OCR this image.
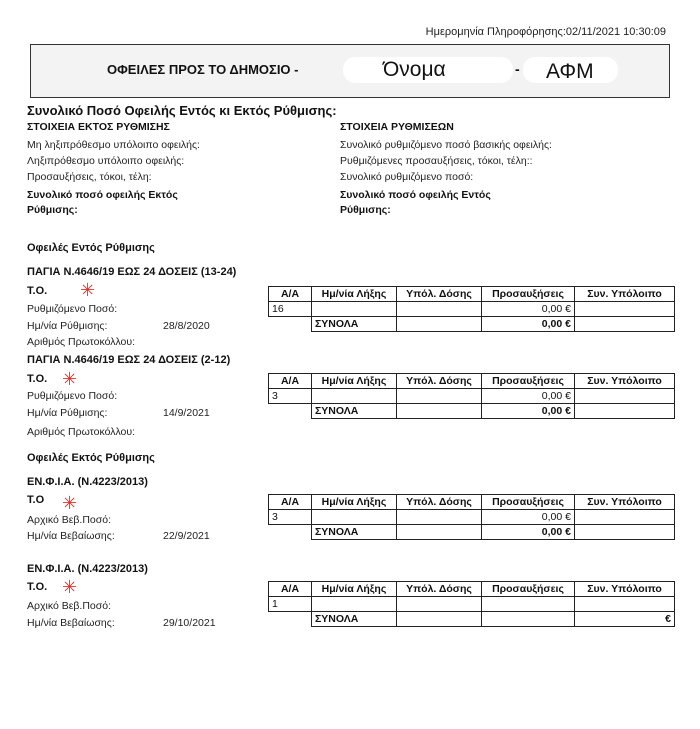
Ημερομηνία Πληροφόρησης:02/11/2021 10:30:09
ΟΦΕΙΛΕΣ ΠΡΟΣ ΤΟ ΔΗΜΟΣΙΟ -	Όνομα	- ΑΦΜ
Συνολικό Ποσό Οφειλής Εντός κι Εκτός Ρύθμισης:
ΣΤΟΙΧΕΙΑ ΕΚΤΟΣ ΡΥΘΜΙΣΗΣ
Μη ληξιπρόθεσμο υπόλοιπο οφειλής:
Ληξιπρόθεσμο υπόλοιπο οφειλής:
Προσαυξήσεις, τόκοι, τέλη:
Συνολικό ποσό οφειλής Εκτός
Ρύθμισης:
ΣΤΟΙΧΕΙΑ ΡΥΘΜΙΣΕΩΝ
Συνολικό ρυθμιζόμενο ποσό βασικής οφειλής:
Ρυθμιζόμενες προσαυξήσεις, τόκοι, τέλη::
Συνολικό ρυθμιζόμενο ποσό:
Συνολικό ποσό οφειλής Εντός
Ρύθμισης:
Οφειλές Εντός Ρύθμισης
ΠΑΓΙΑ Ν.4646/19 ΕΩΣ 24 ΔΟΣΕΙΣ (13-24)
Τ.Ο. ✳
Ρυθμιζόμενο Ποσό:
Ημ/νία Ρύθμισης:	28/8/2020
Αριθμός Πρωτοκόλλου:
Α/Α	Ημ/νία Λήξης	Υπόλ. Δόσης	Προσαυξήσεις	Συν. Υπόλοιπο
16			0,00 €	
	ΣΥΝΟΛΑ		0,00 €	
ΠΑΓΙΑ Ν.4646/19 ΕΩΣ 24 ΔΟΣΕΙΣ (2-12)
Τ.Ο. ✳
Ρυθμιζόμενο Ποσό:
Ημ/νία Ρύθμισης:	14/9/2021
Αριθμός Πρωτοκόλλου:
Α/Α	Ημ/νία Λήξης	Υπόλ. Δόσης	Προσαυξήσεις	Συν. Υπόλοιπο
3			0,00 €	
	ΣΥΝΟΛΑ		0,00 €	
Οφειλές Εκτός Ρύθμισης
ΕΝ.Φ.Ι.Α. (Ν.4223/2013)
Τ.Ο ✳
Αρχικό Βεβ.Ποσό:
Ημ/νία Βεβαίωσης:	22/9/2021
Α/Α	Ημ/νία Λήξης	Υπόλ. Δόσης	Προσαυξήσεις	Συν. Υπόλοιπο
3			0,00 €	
	ΣΥΝΟΛΑ		0,00 €	
ΕΝ.Φ.Ι.Α. (Ν.4223/2013)
Τ.Ο. ✳
Αρχικό Βεβ.Ποσό:
Ημ/νία Βεβαίωσης:	29/10/2021
Α/Α	Ημ/νία Λήξης	Υπόλ. Δόσης	Προσαυξήσεις	Συν. Υπόλοιπο
1				
	ΣΥΝΟΛΑ			€
